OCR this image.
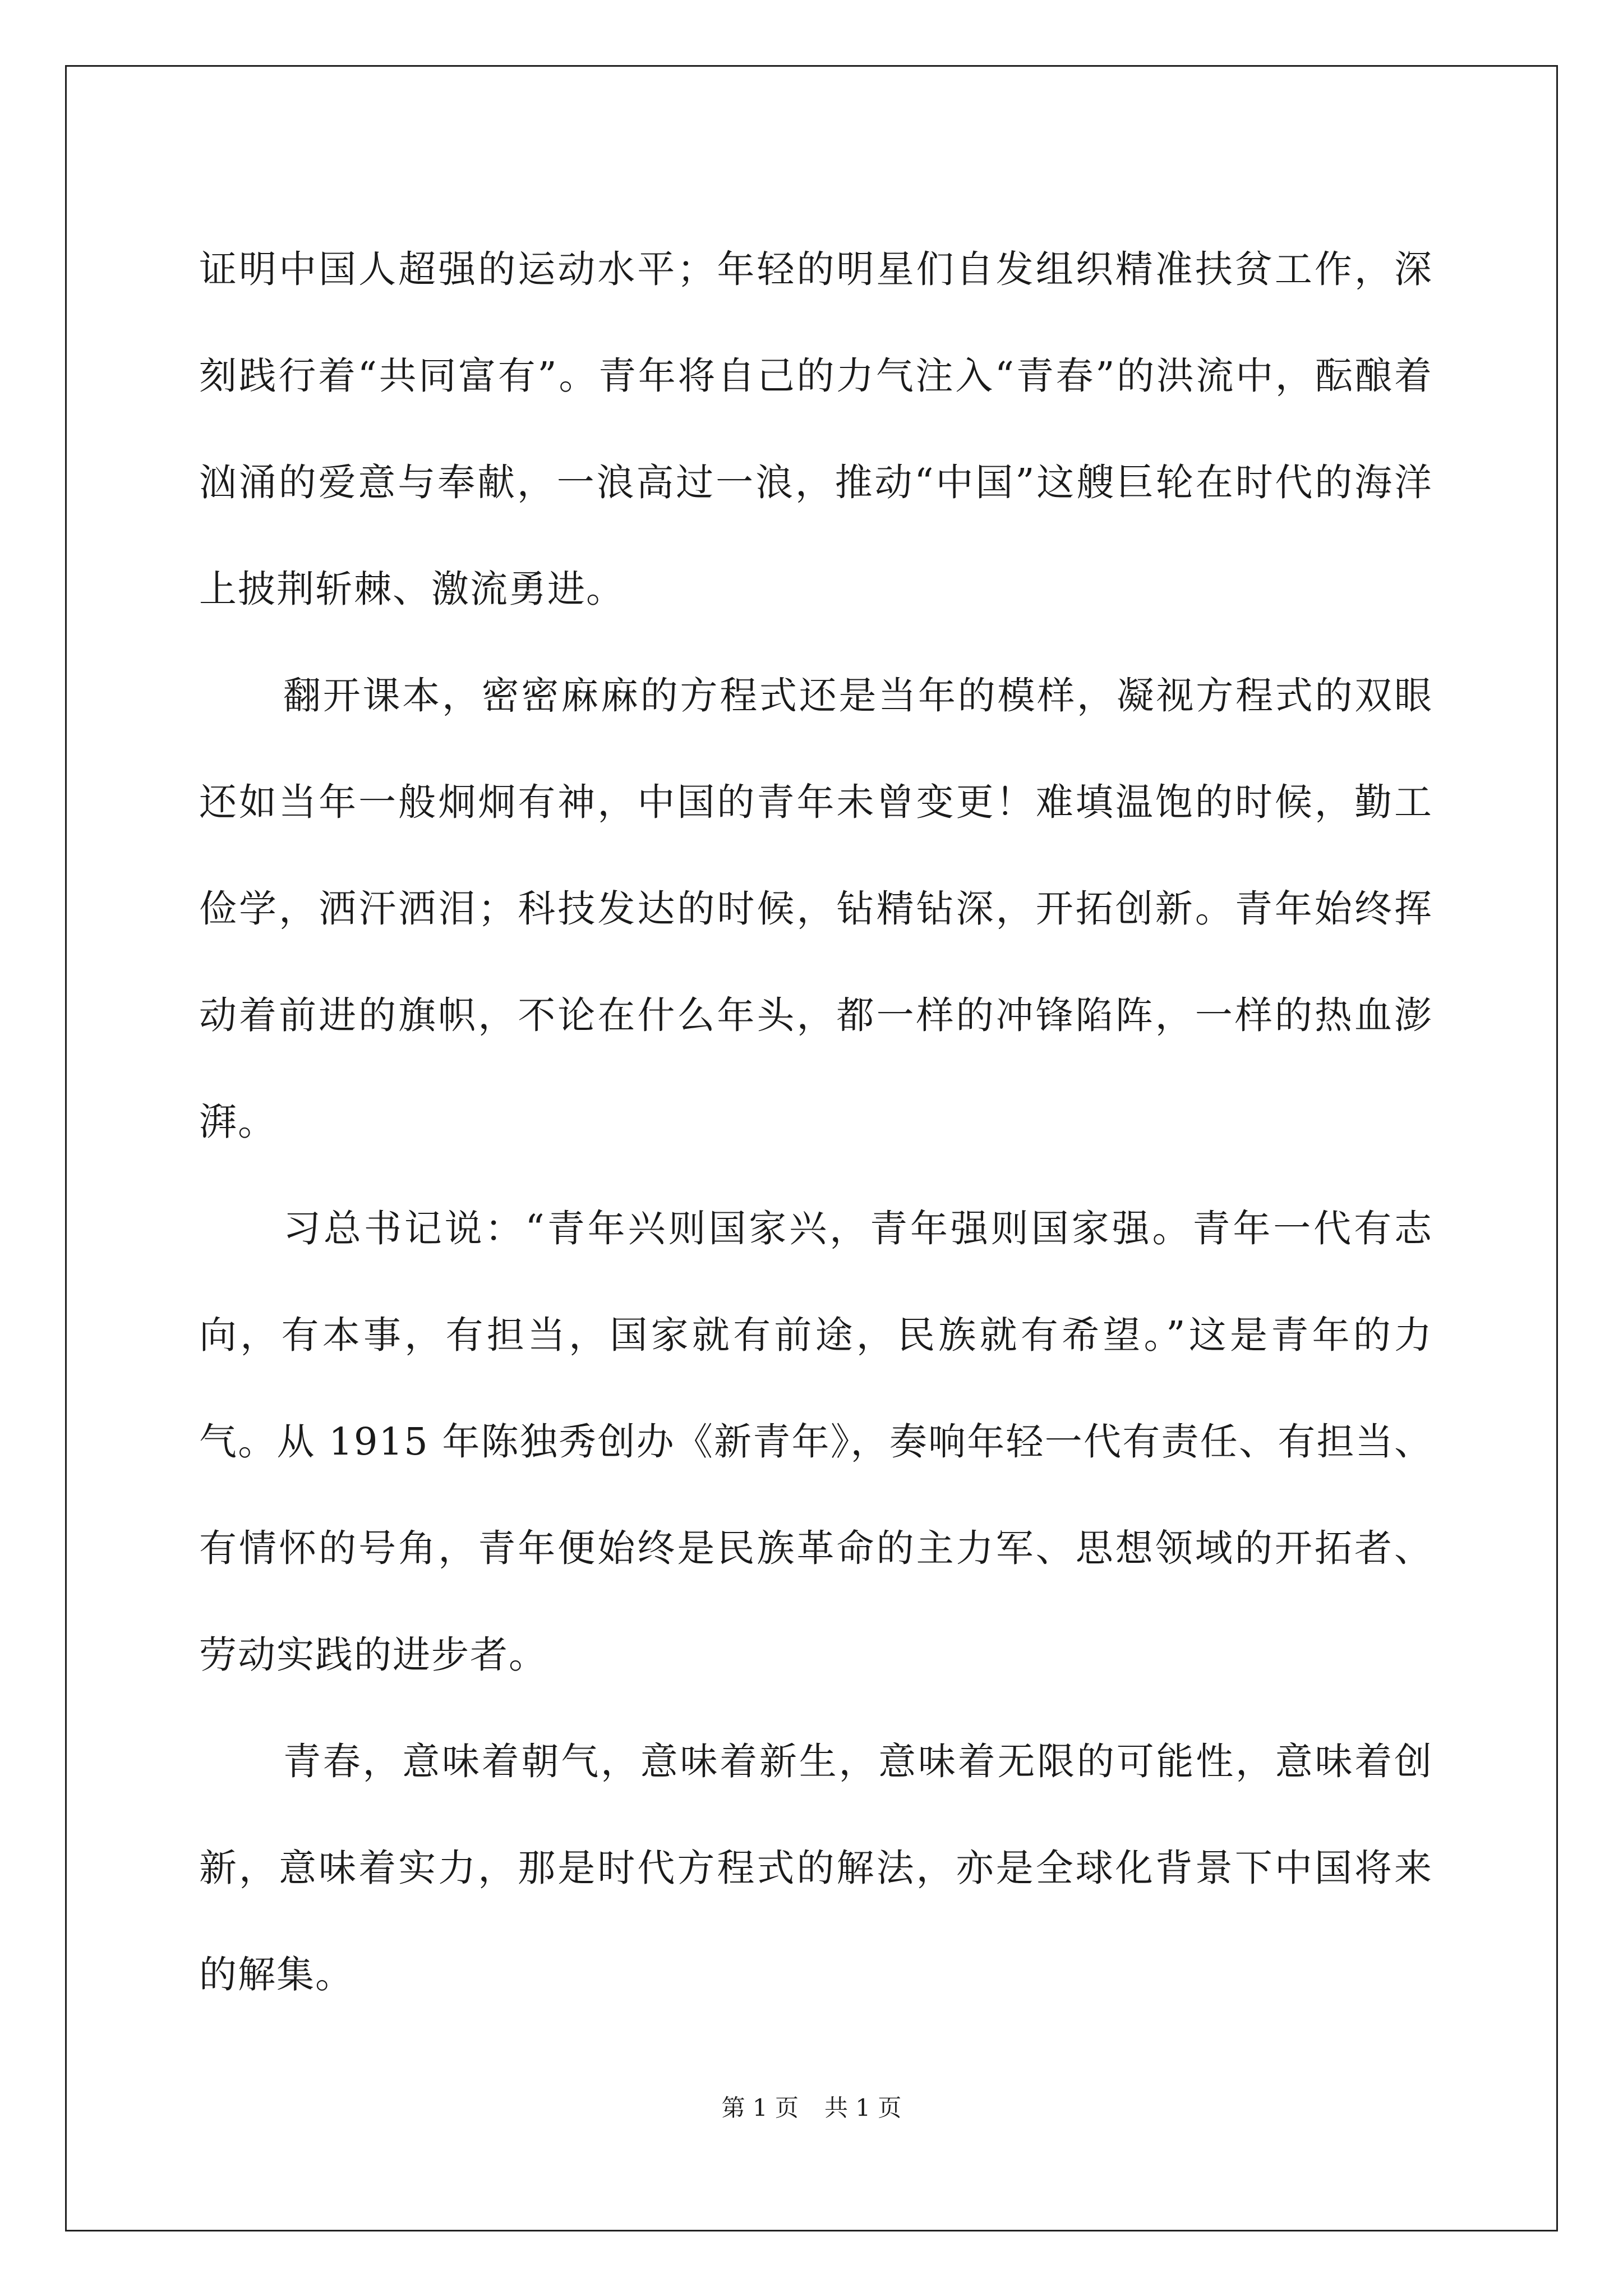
证明中国人超强的运动水平；年轻的明星们自发组织精准扶贫工作，深刻践行着“共同富有”。青年将自己的力气注入“青春”的洪流中，酝酿着汹涌的爱意与奉献，一浪高过一浪，推动“中国”这艘巨轮在时代的海洋上披荆斩棘、激流勇进。

翻开课本，密密麻麻的方程式还是当年的模样，凝视方程式的双眼还如当年一般炯炯有神，中国的青年未曾变更！难填温饱的时候，勤工俭学，洒汗洒泪；科技发达的时候，钻精钻深，开拓创新。青年始终挥动着前进的旗帜，不论在什么年头，都一样的冲锋陷阵，一样的热血澎湃。

习总书记说：“青年兴则国家兴，青年强则国家强。青年一代有志向，有本事，有担当，国家就有前途，民族就有希望。”这是青年的力气。从 1915 年陈独秀创办《新青年》，奏响年轻一代有责任、有担当、有情怀的号角，青年便始终是民族革命的主力军、思想领域的开拓者、劳动实践的进步者。

青春，意味着朝气，意味着新生，意味着无限的可能性，意味着创新，意味着实力，那是时代方程式的解法，亦是全球化背景下中国将来的解集。

第 1 页 共 1 页
